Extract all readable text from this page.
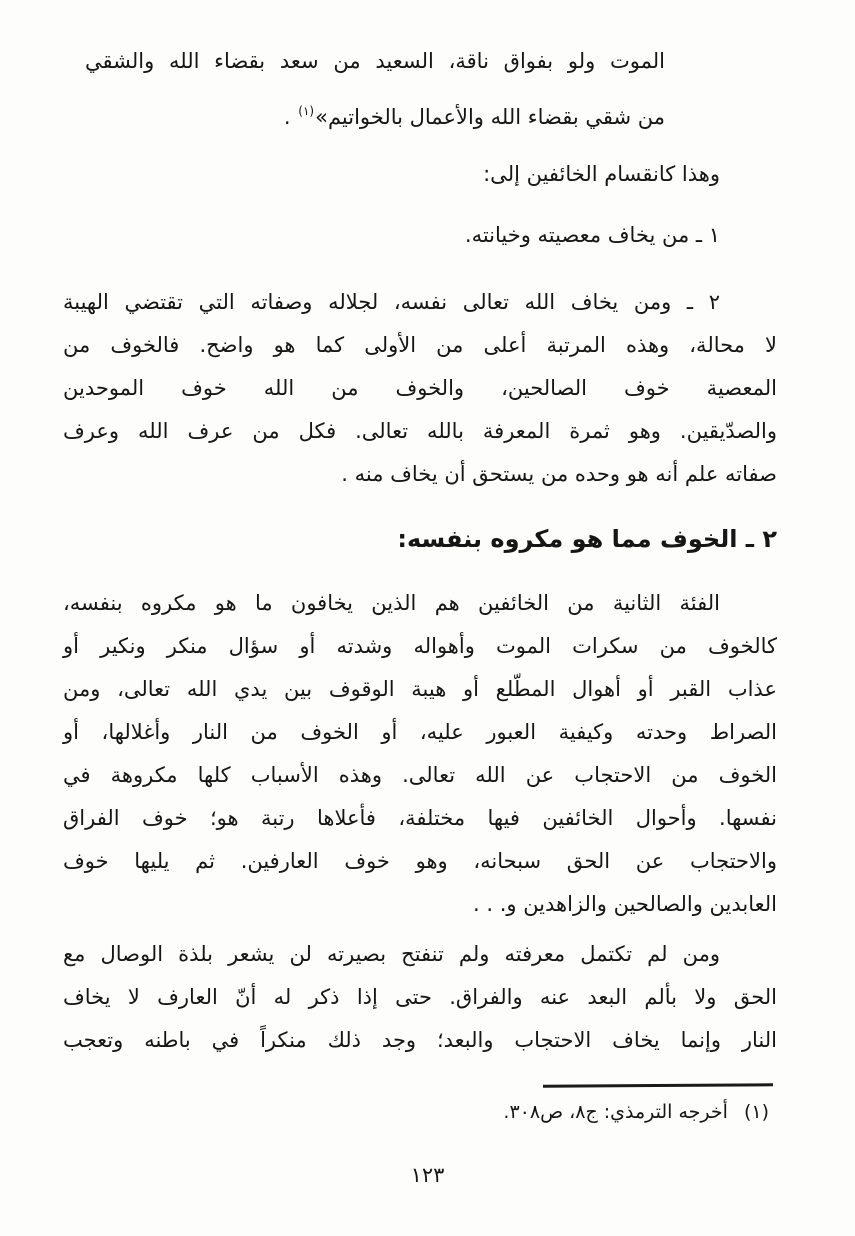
الموت ولو بفواق ناقة، السعيد من سعد بقضاء الله والشقي
من شقي بقضاء الله والأعمال بالخواتيم»$^{(١)}$ .
وهذا كانقسام الخائفين إلى:
١ ـ من يخاف معصيته وخيانته.
٢ ـ ومن يخاف الله تعالى نفسه، لجلاله وصفاته التي تقتضي الهيبة
لا محالة، وهذه المرتبة أعلى من الأولى كما هو واضح. فالخوف من
المعصية خوف الصالحين، والخوف من الله خوف الموحدين
والصدّيقين. وهو ثمرة المعرفة بالله تعالى. فكل من عرف الله وعرف
صفاته علم أنه هو وحده من يستحق أن يخاف منه .
٢ ـ الخوف مما هو مكروه بنفسه:
الفئة الثانية من الخائفين هم الذين يخافون ما هو مكروه بنفسه،
كالخوف من سكرات الموت وأهواله وشدته أو سؤال منكر ونكير أو
عذاب القبر أو أهوال المطّلع أو هيبة الوقوف بين يدي الله تعالى، ومن
الصراط وحدته وكيفية العبور عليه، أو الخوف من النار وأغلالها، أو
الخوف من الاحتجاب عن الله تعالى. وهذه الأسباب كلها مكروهة في
نفسها. وأحوال الخائفين فيها مختلفة، فأعلاها رتبة هو؛ خوف الفراق
والاحتجاب عن الحق سبحانه، وهو خوف العارفين. ثم يليها خوف
العابدين والصالحين والزاهدين و. . .
ومن لم تكتمل معرفته ولم تنفتح بصيرته لن يشعر بلذة الوصال مع
الحق ولا بألم البعد عنه والفراق. حتى إذا ذكر له أنّ العارف لا يخاف
النار وإنما يخاف الاحتجاب والبعد؛ وجد ذلك منكراً في باطنه وتعجب
(١)أخرجه الترمذي: ج٨، ص٣٠٨.
١٢٣
